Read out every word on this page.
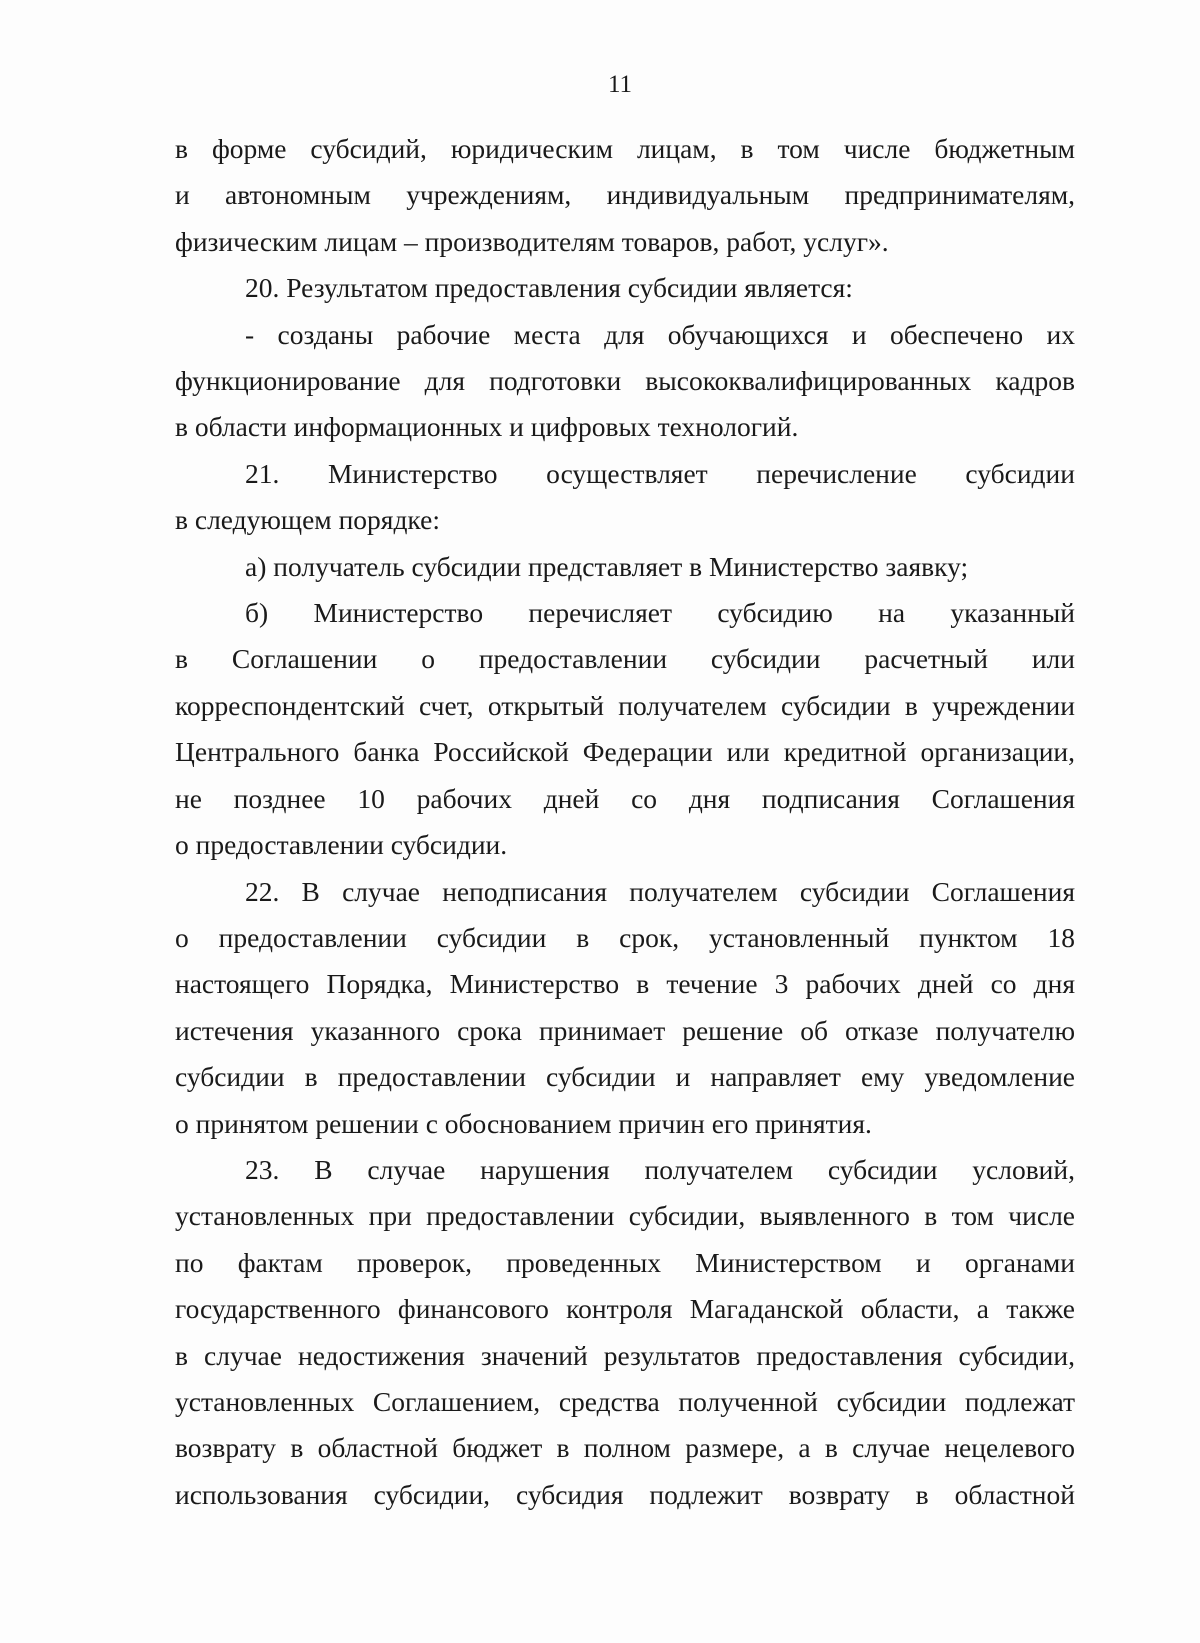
11

в форме субсидий, юридическим лицам, в том числе бюджетным
и автономным учреждениям, индивидуальным предпринимателям,
физическим лицам – производителям товаров, работ, услуг».

20. Результатом предоставления субсидии является:

- созданы рабочие места для обучающихся и обеспечено их
функционирование для подготовки высококвалифицированных кадров
в области информационных и цифровых технологий.

21. Министерство осуществляет перечисление субсидии
в следующем порядке:

а) получатель субсидии представляет в Министерство заявку;

б) Министерство перечисляет субсидию на указанный
в Соглашении о предоставлении субсидии расчетный или
корреспондентский счет, открытый получателем субсидии в учреждении
Центрального банка Российской Федерации или кредитной организации,
не позднее 10 рабочих дней со дня подписания Соглашения
о предоставлении субсидии.

22. В случае неподписания получателем субсидии Соглашения
о предоставлении субсидии в срок, установленный пунктом 18
настоящего Порядка, Министерство в течение 3 рабочих дней со дня
истечения указанного срока принимает решение об отказе получателю
субсидии в предоставлении субсидии и направляет ему уведомление
о принятом решении с обоснованием причин его принятия.

23. В случае нарушения получателем субсидии условий,
установленных при предоставлении субсидии, выявленного в том числе
по фактам проверок, проведенных Министерством и органами
государственного финансового контроля Магаданской области, а также
в случае недостижения значений результатов предоставления субсидии,
установленных Соглашением, средства полученной субсидии подлежат
возврату в областной бюджет в полном размере, а в случае нецелевого
использования субсидии, субсидия подлежит возврату в областной
